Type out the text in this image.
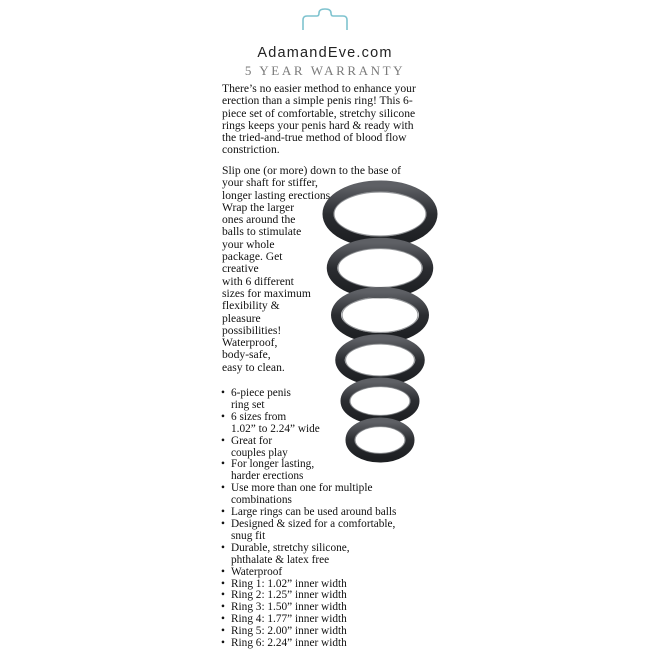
AdamandEve.com
5 YEAR WARRANTY

There’s no easier method to enhance your erection than a simple penis ring! This 6-piece set of comfortable, stretchy silicone rings keeps your penis hard & ready with the tried-and-true method of blood flow constriction.

Slip one (or more) down to the base of
your shaft for stiffer,
longer lasting erections.
Wrap the larger
ones around the
balls to stimulate
your whole
package. Get
creative
with 6 different
sizes for maximum
flexibility &
pleasure
possibilities!
Waterproof,
body-safe,
easy to clean.
• 6-piece penis
ring set
• 6 sizes from
1.02” to 2.24” wide
• Great for
couples play
• For longer lasting,
harder erections
• Use more than one for multiple
combinations
• Large rings can be used around balls
• Designed & sized for a comfortable,
snug fit
• Durable, stretchy silicone,
phthalate & latex free
• Waterproof
• Ring 1: 1.02” inner width
• Ring 2: 1.25” inner width
• Ring 3: 1.50” inner width
• Ring 4: 1.77” inner width
• Ring 5: 2.00” inner width
• Ring 6: 2.24” inner width
